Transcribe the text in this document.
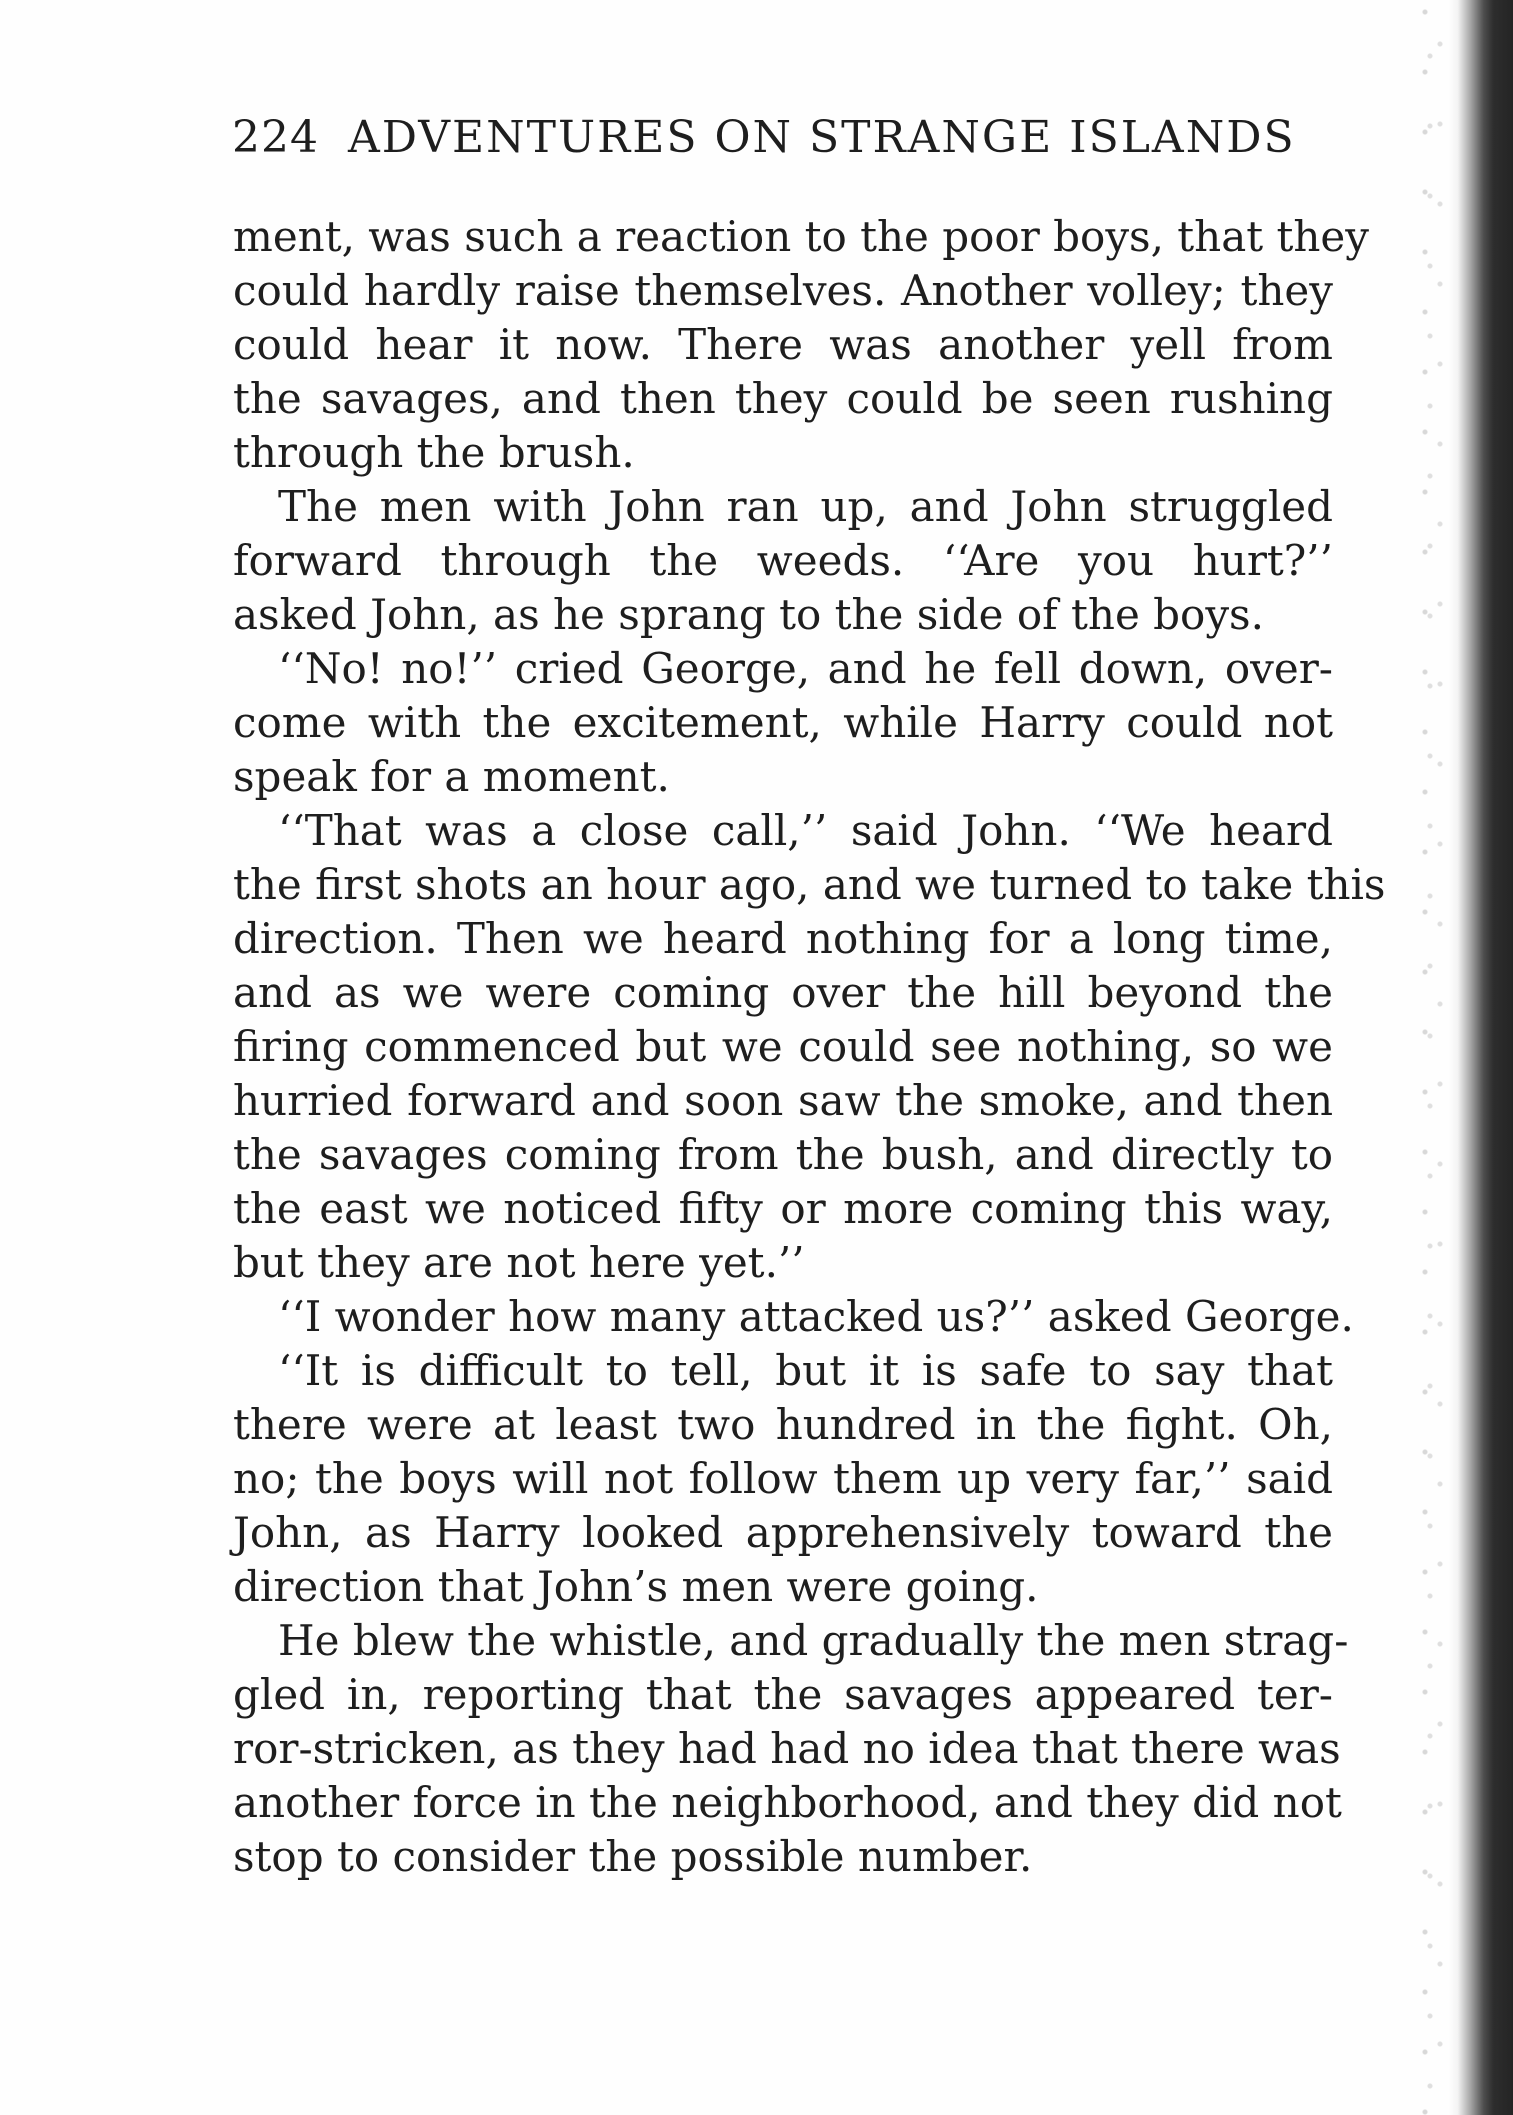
224 ADVENTURES ON STRANGE ISLANDS
ment, was such a reaction to the poor boys, that they
could hardly raise themselves. Another volley; they
could hear it now. There was another yell from
the savages, and then they could be seen rushing
through the brush.
The men with John ran up, and John struggled
forward through the weeds. ‘‘Are you hurt?’’
asked John, as he sprang to the side of the boys.
‘‘No! no!’’ cried George, and he fell down, over-
come with the excitement, while Harry could not
speak for a moment.
‘‘That was a close call,’’ said John. ‘‘We heard
the first shots an hour ago, and we turned to take this
direction. Then we heard nothing for a long time,
and as we were coming over the hill beyond the
firing commenced but we could see nothing, so we
hurried forward and soon saw the smoke, and then
the savages coming from the bush, and directly to
the east we noticed fifty or more coming this way,
but they are not here yet.’’
‘‘I wonder how many attacked us?’’ asked George.
‘‘It is difficult to tell, but it is safe to say that
there were at least two hundred in the fight. Oh,
no; the boys will not follow them up very far,’’ said
John, as Harry looked apprehensively toward the
direction that John’s men were going.
He blew the whistle, and gradually the men strag-
gled in, reporting that the savages appeared ter-
ror-stricken, as they had had no idea that there was
another force in the neighborhood, and they did not
stop to consider the possible number.
